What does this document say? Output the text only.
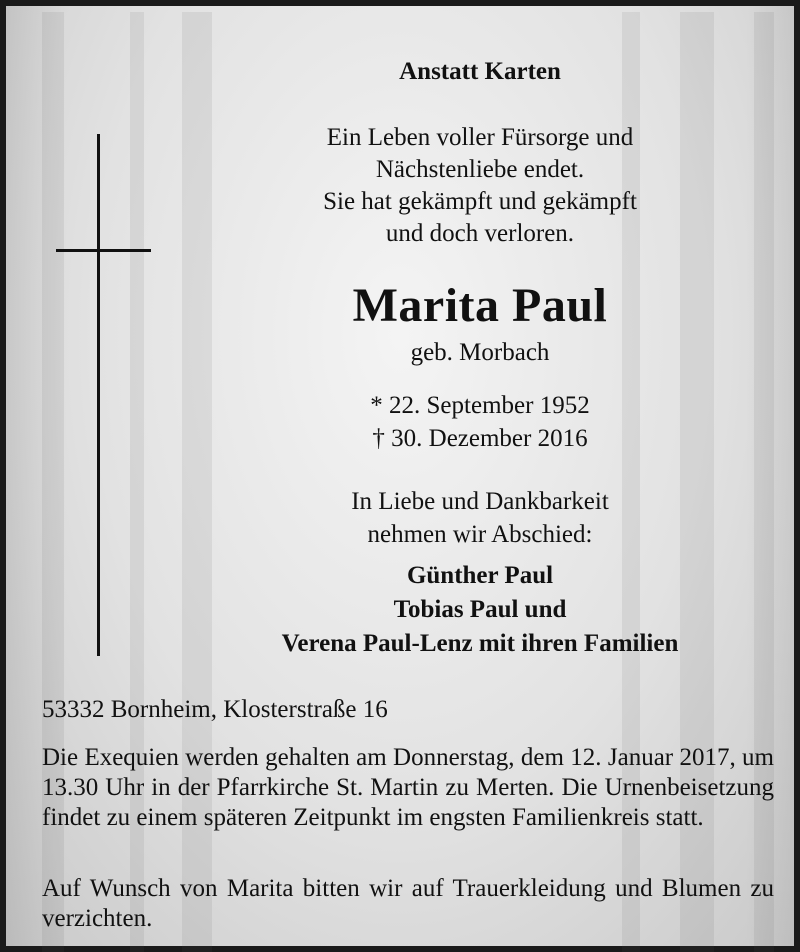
Anstatt Karten
Ein Leben voller Fürsorge und
Nächstenliebe endet.
Sie hat gekämpft und gekämpft
und doch verloren.
Marita Paul
geb. Morbach
* 22. September 1952
† 30. Dezember 2016
In Liebe und Dankbarkeit
nehmen wir Abschied:
Günther Paul
Tobias Paul und
Verena Paul-Lenz mit ihren Familien
53332 Bornheim, Klosterstraße 16
Die Exequien werden gehalten am Donnerstag, dem 12. Januar 2017, um 13.30 Uhr in der Pfarrkirche St. Martin zu Merten. Die Urnenbeisetzung findet zu einem späteren Zeitpunkt im engsten Familienkreis statt.
Auf Wunsch von Marita bitten wir auf Trauerkleidung und Blumen zu verzichten.
